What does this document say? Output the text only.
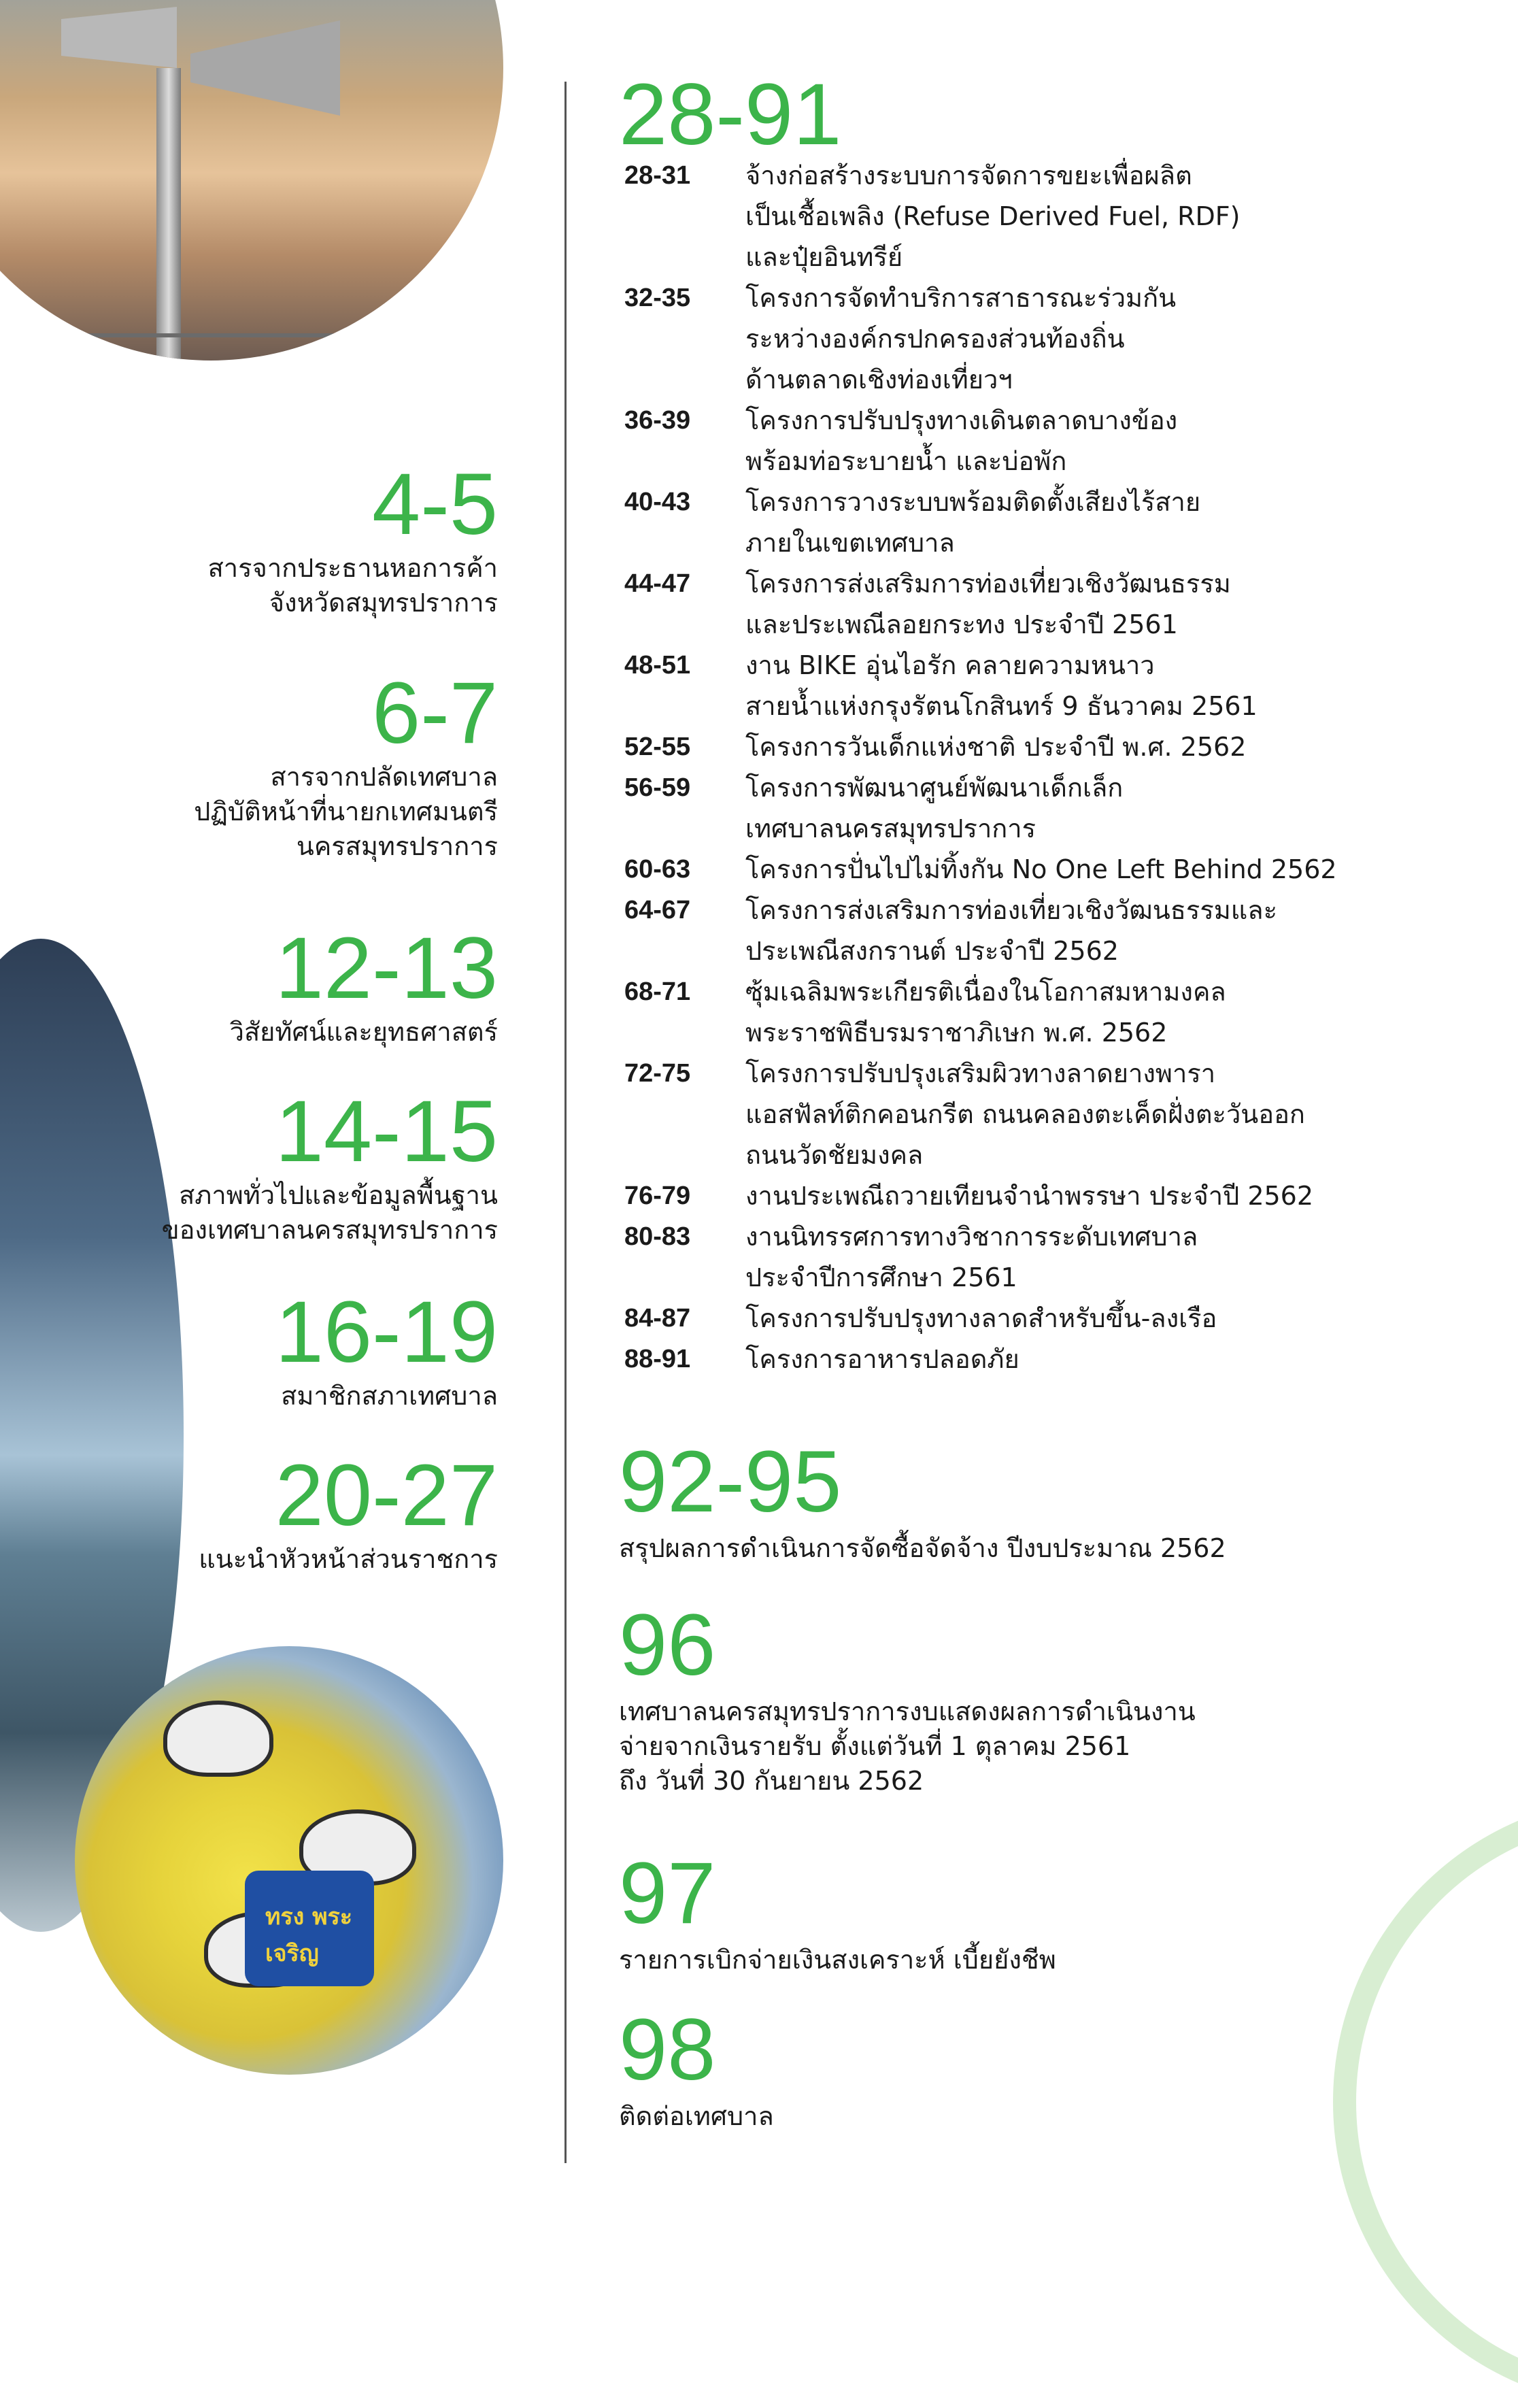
ทรง พระ เจริญ
4-5
สารจากประธานหอการค้า
จังหวัดสมุทรปราการ
6-7
สารจากปลัดเทศบาล
ปฏิบัติหน้าที่นายกเทศมนตรี
นครสมุทรปราการ
12-13
วิสัยทัศน์และยุทธศาสตร์
14-15
สภาพทั่วไปและข้อมูลพื้นฐาน
ของเทศบาลนครสมุทรปราการ
16-19
สมาชิกสภาเทศบาล
20-27
แนะนำหัวหน้าส่วนราชการ
28-91
28-31	จ้างก่อสร้างระบบการจัดการขยะเพื่อผลิต
เป็นเชื้อเพลิง (Refuse Derived Fuel, RDF)
และปุ๋ยอินทรีย์
32-35	โครงการจัดทำบริการสาธารณะร่วมกัน
ระหว่างองค์กรปกครองส่วนท้องถิ่น
ด้านตลาดเชิงท่องเที่ยวฯ
36-39	โครงการปรับปรุงทางเดินตลาดบางข้อง
พร้อมท่อระบายน้ำ และบ่อพัก
40-43	โครงการวางระบบพร้อมติดตั้งเสียงไร้สาย
ภายในเขตเทศบาล
44-47	โครงการส่งเสริมการท่องเที่ยวเชิงวัฒนธรรม
และประเพณีลอยกระทง ประจำปี 2561
48-51	งาน BIKE อุ่นไอรัก คลายความหนาว
สายน้ำแห่งกรุงรัตนโกสินทร์ 9 ธันวาคม 2561
52-55	โครงการวันเด็กแห่งชาติ ประจำปี พ.ศ. 2562
56-59	โครงการพัฒนาศูนย์พัฒนาเด็กเล็ก
เทศบาลนครสมุทรปราการ
60-63	โครงการปั่นไปไม่ทิ้งกัน No One Left Behind 2562
64-67	โครงการส่งเสริมการท่องเที่ยวเชิงวัฒนธรรมและ
ประเพณีสงกรานต์ ประจำปี 2562
68-71	ซุ้มเฉลิมพระเกียรติเนื่องในโอกาสมหามงคล
พระราชพิธีบรมราชาภิเษก พ.ศ. 2562
72-75	โครงการปรับปรุงเสริมผิวทางลาดยางพารา
แอสฟัลท์ติกคอนกรีต ถนนคลองตะเค็ดฝั่งตะวันออก
ถนนวัดชัยมงคล
76-79	งานประเพณีถวายเทียนจำนำพรรษา ประจำปี 2562
80-83	งานนิทรรศการทางวิชาการระดับเทศบาล
ประจำปีการศึกษา 2561
84-87	โครงการปรับปรุงทางลาดสำหรับขึ้น-ลงเรือ
88-91	โครงการอาหารปลอดภัย
92-95
สรุปผลการดำเนินการจัดซื้อจัดจ้าง ปีงบประมาณ 2562
96
เทศบาลนครสมุทรปราการงบแสดงผลการดำเนินงาน
จ่ายจากเงินรายรับ ตั้งแต่วันที่ 1 ตุลาคม 2561
ถึง วันที่ 30 กันยายน 2562
97
รายการเบิกจ่ายเงินสงเคราะห์ เบี้ยยังชีพ
98
ติดต่อเทศบาล
